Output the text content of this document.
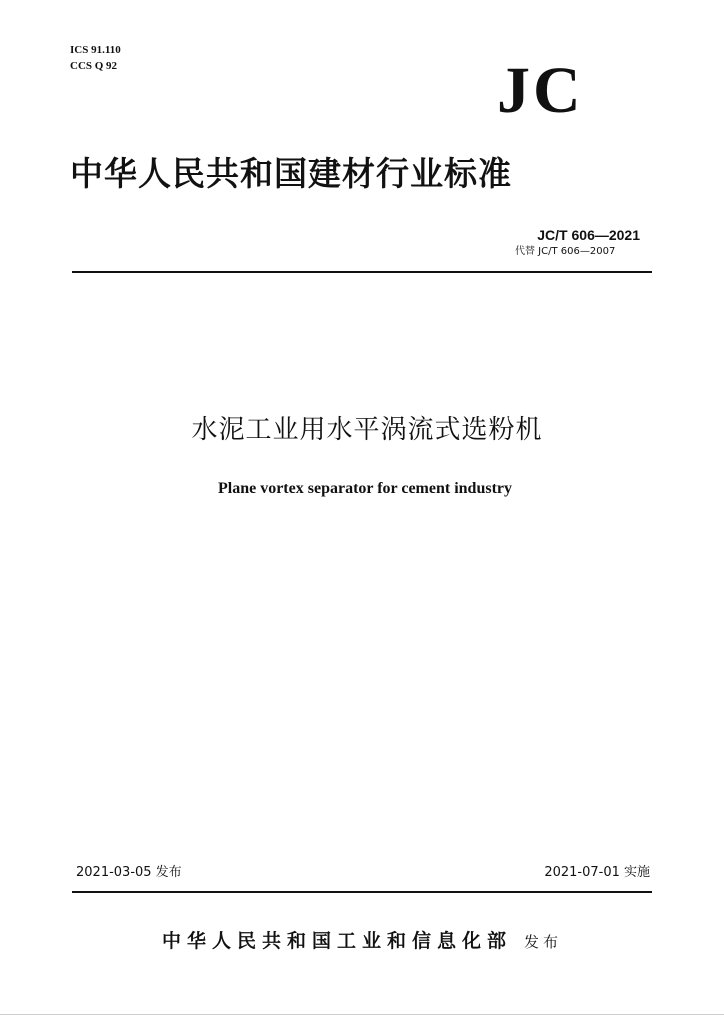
ICS 91.110
CCS Q 92	JC
中华人民共和国建材行业标准
JC/T 606—2021
代替 JC/T 606—2007
水泥工业用水平涡流式选粉机
Plane vortex separator for cement industry
2021-03-05 发布	2021-07-01 实施
中华人民共和国工业和信息化部 发布
